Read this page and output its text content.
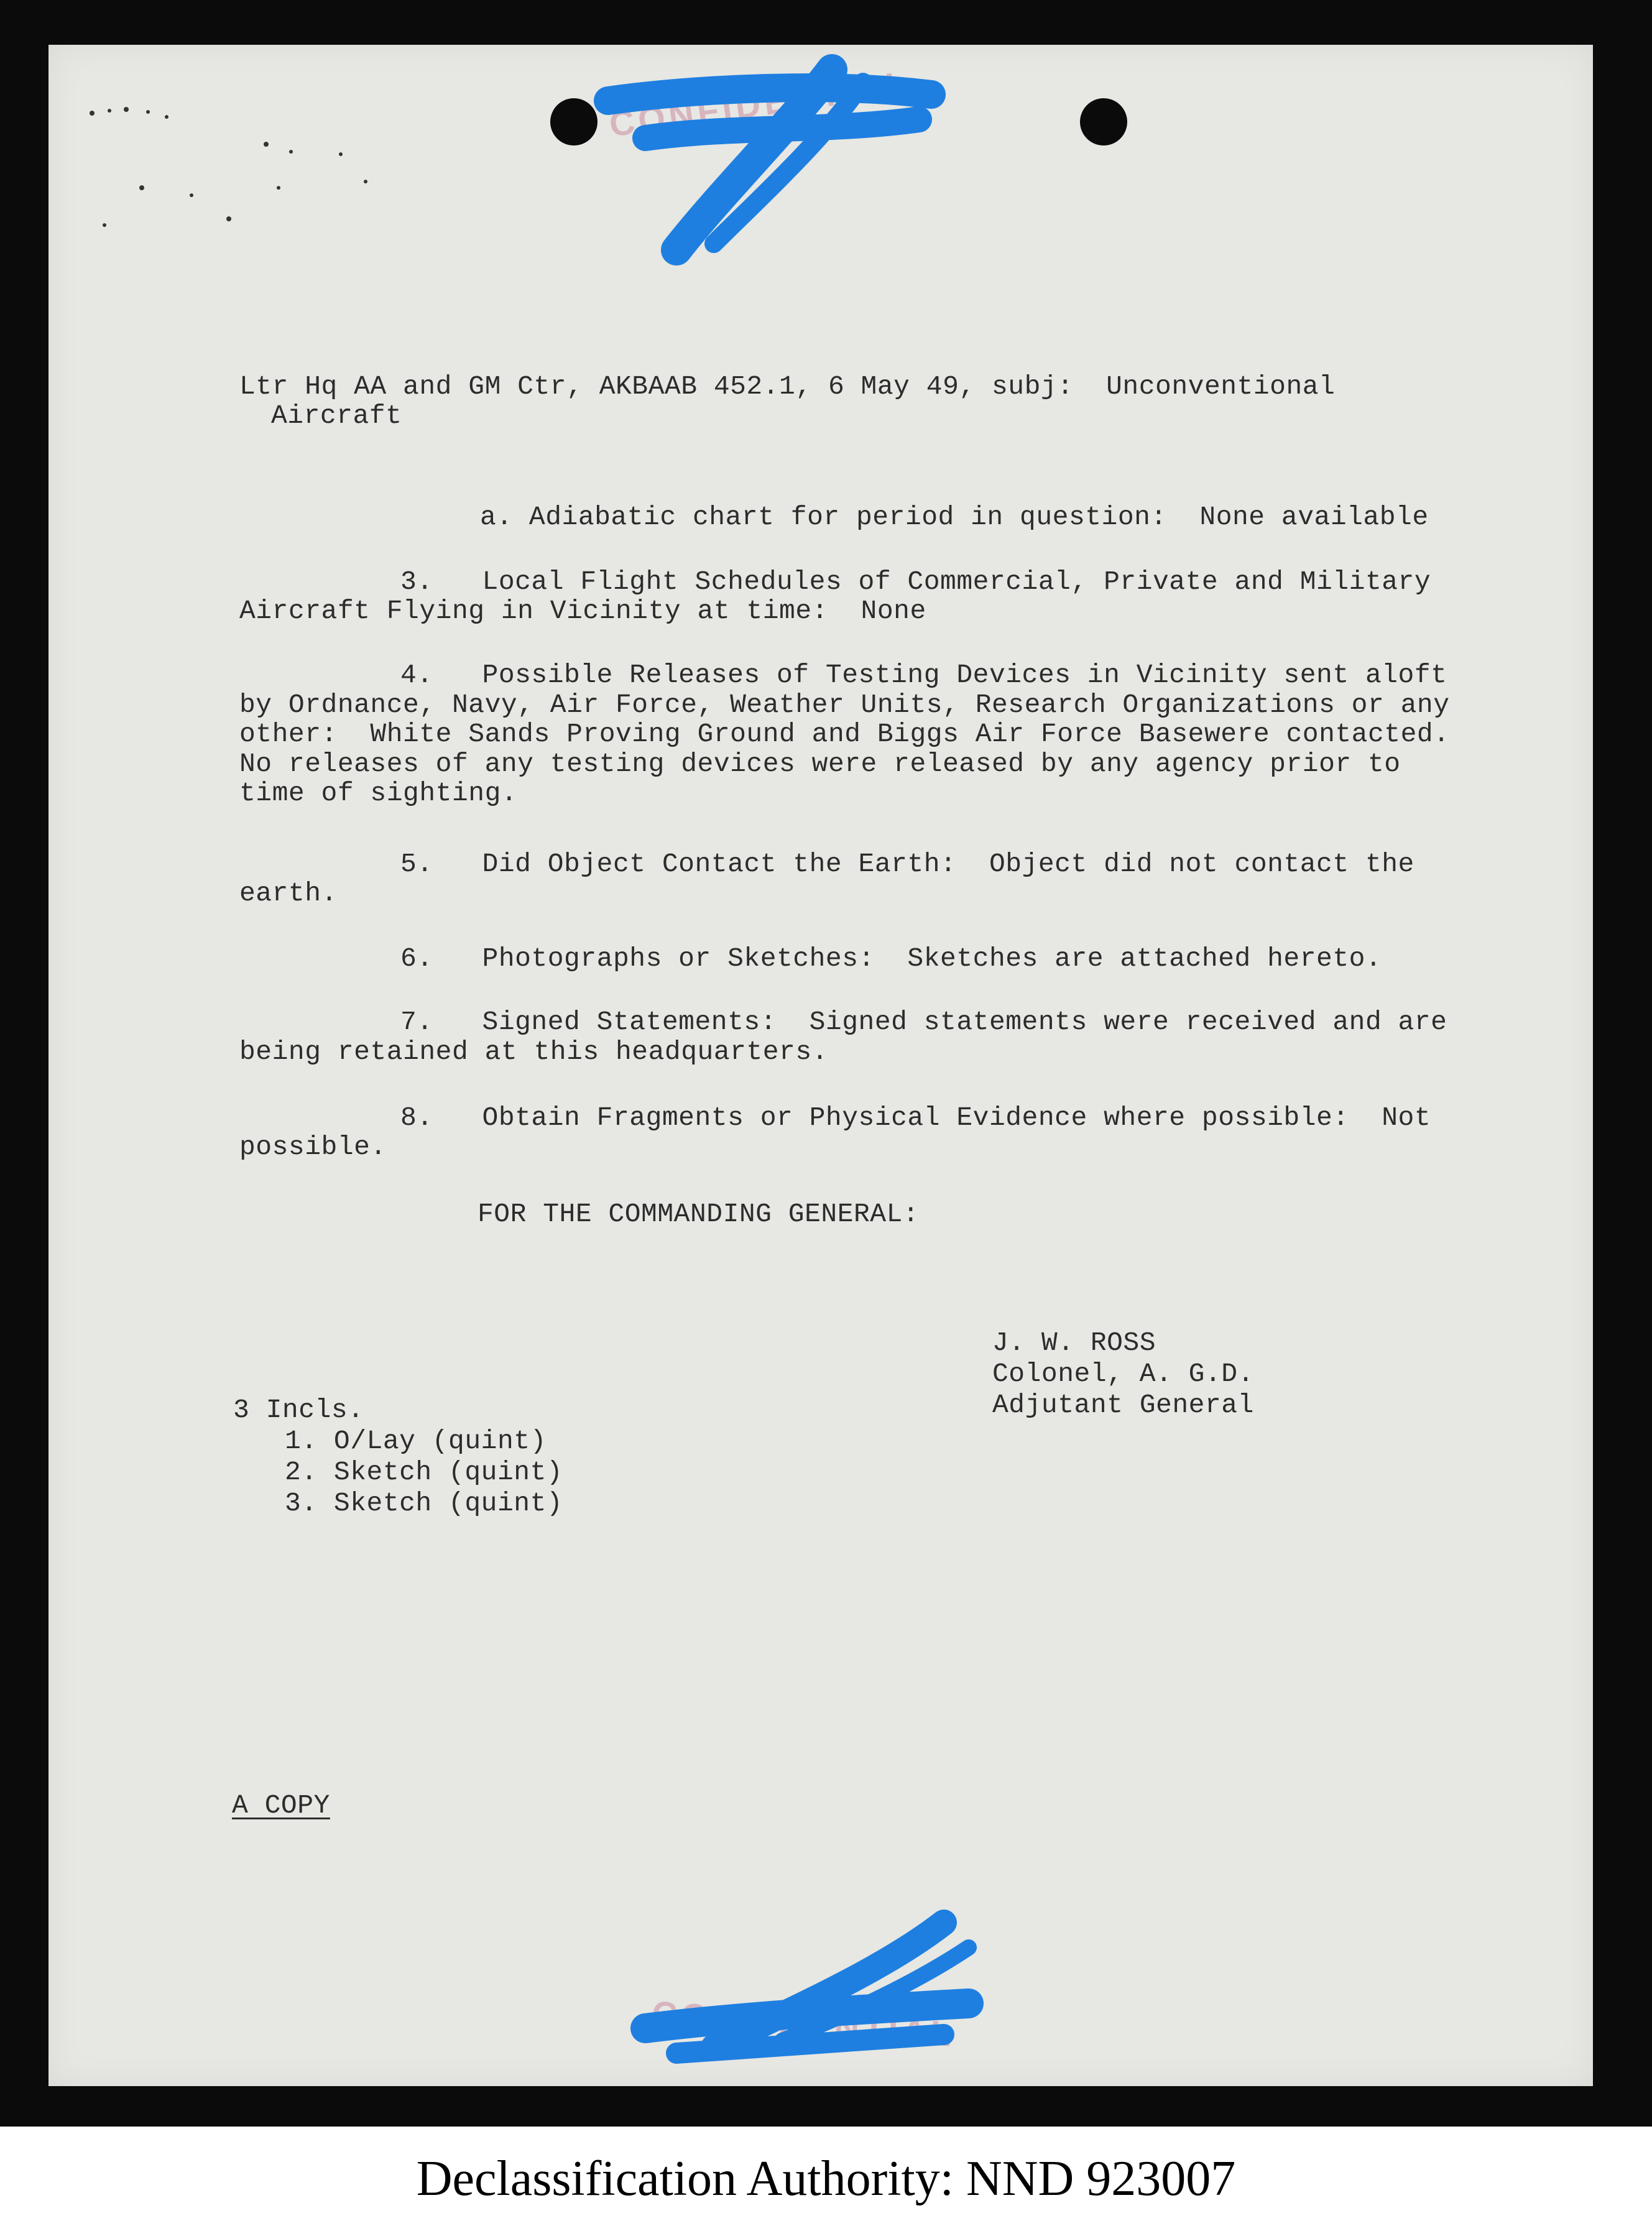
CONFIDENTIAL
Ltr Hq AA and GM Ctr, AKBAAB 452.1, 6 May 49, subj:  Unconventional
Aircraft
a. Adiabatic chart for period in question:  None available
3.   Local Flight Schedules of Commercial, Private and Military
Aircraft Flying in Vicinity at time:  None
4.   Possible Releases of Testing Devices in Vicinity sent aloft
by Ordnance, Navy, Air Force, Weather Units, Research Organizations or any
other:  White Sands Proving Ground and Biggs Air Force Basewere contacted.
No releases of any testing devices were released by any agency prior to
time of sighting.
5.   Did Object Contact the Earth:  Object did not contact the
earth.
6.   Photographs or Sketches:  Sketches are attached hereto.
7.   Signed Statements:  Signed statements were received and are
being retained at this headquarters.
8.   Obtain Fragments or Physical Evidence where possible:  Not
possible.
FOR THE COMMANDING GENERAL:
J. W. ROSS
Colonel, A. G.D.
Adjutant General
3 Incls.
1. O/Lay (quint)
2. Sketch (quint)
3. Sketch (quint)
A COPY
CONFIDENTIAL
Declassification Authority: NND 923007
